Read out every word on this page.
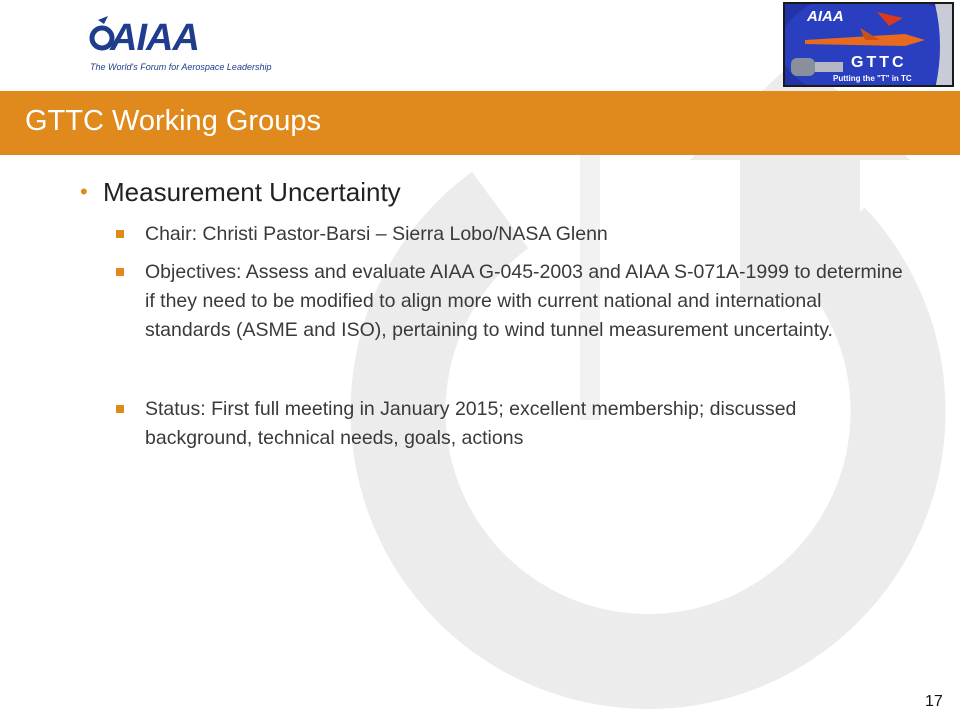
AIAA
The World's Forum for Aerospace Leadership
AIAA
GTTC
Putting the "T" in TC
GTTC Working Groups
• Measurement Uncertainty

Chair: Christi Pastor-Barsi – Sierra Lobo/NASA Glenn

Objectives: Assess and evaluate AIAA G-045-2003 and AIAA S-071A-1999 to determine if they need to be modified to align more with current national and international standards (ASME and ISO), pertaining to wind tunnel measurement uncertainty.

Status: First full meeting in January 2015; excellent membership; discussed background, technical needs, goals, actions

17
